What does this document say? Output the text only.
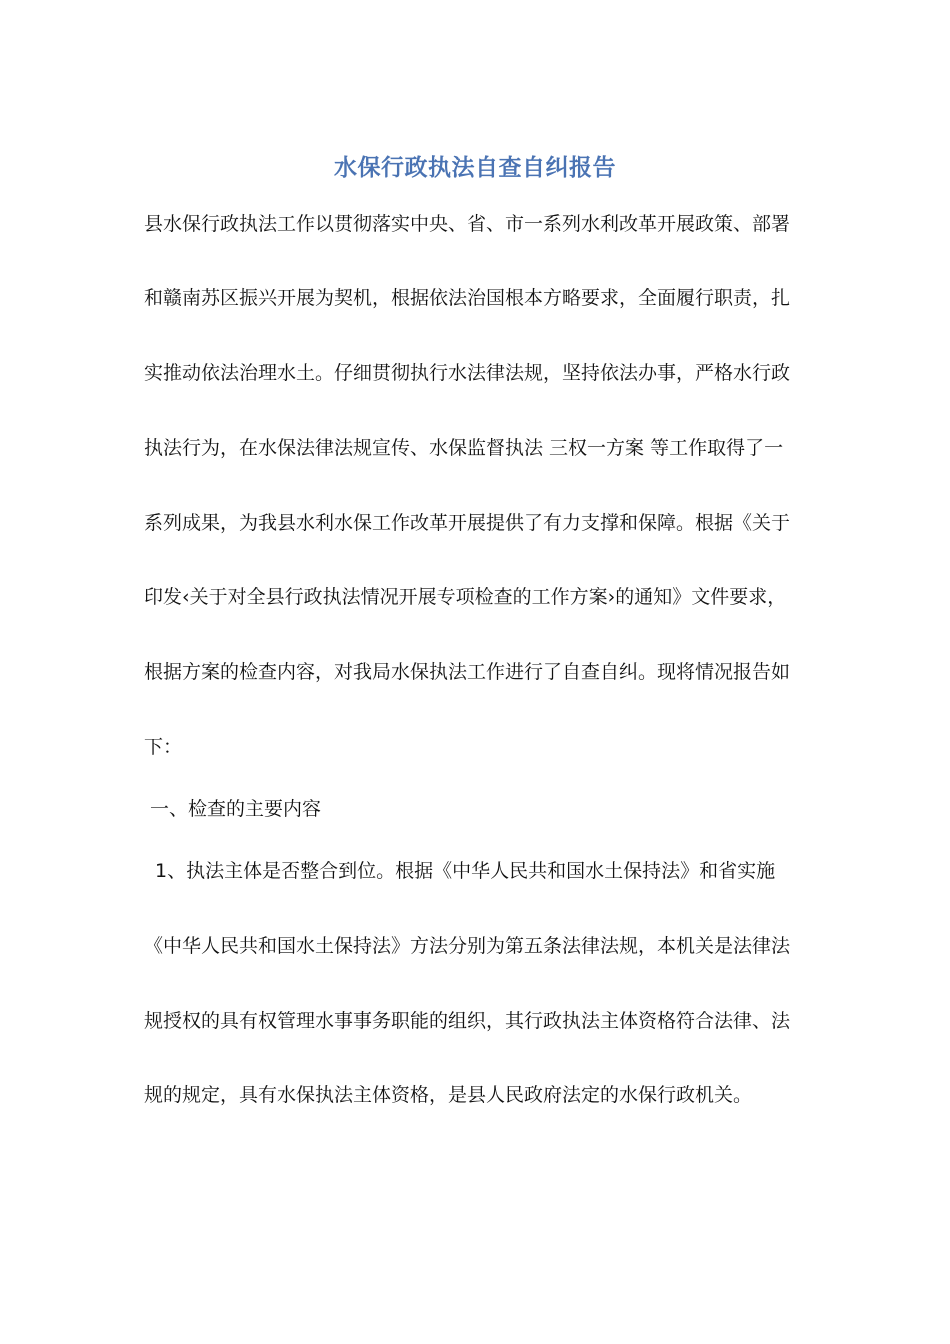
水保行政执法自查自纠报告
县水保行政执法工作以贯彻落实中央、省、市一系列水利改革开展政策、部署
和赣南苏区振兴开展为契机，根据依法治国根本方略要求，全面履行职责，扎
实推动依法治理水土。仔细贯彻执行水法律法规，坚持依法办事，严格水行政
执法行为，在水保法律法规宣传、水保监督执法 三权一方案 等工作取得了一
系列成果，为我县水利水保工作改革开展提供了有力支撑和保障。根据《关于
印发‹关于对全县行政执法情况开展专项检查的工作方案›的通知》文件要求，
根据方案的检查内容，对我局水保执法工作进行了自查自纠。现将情况报告如
下：
一、检查的主要内容
1、执法主体是否整合到位。根据《中华人民共和国水土保持法》和省实施
《中华人民共和国水土保持法》方法分别为第五条法律法规，本机关是法律法
规授权的具有权管理水事事务职能的组织，其行政执法主体资格符合法律、法
规的规定，具有水保执法主体资格，是县人民政府法定的水保行政机关。
